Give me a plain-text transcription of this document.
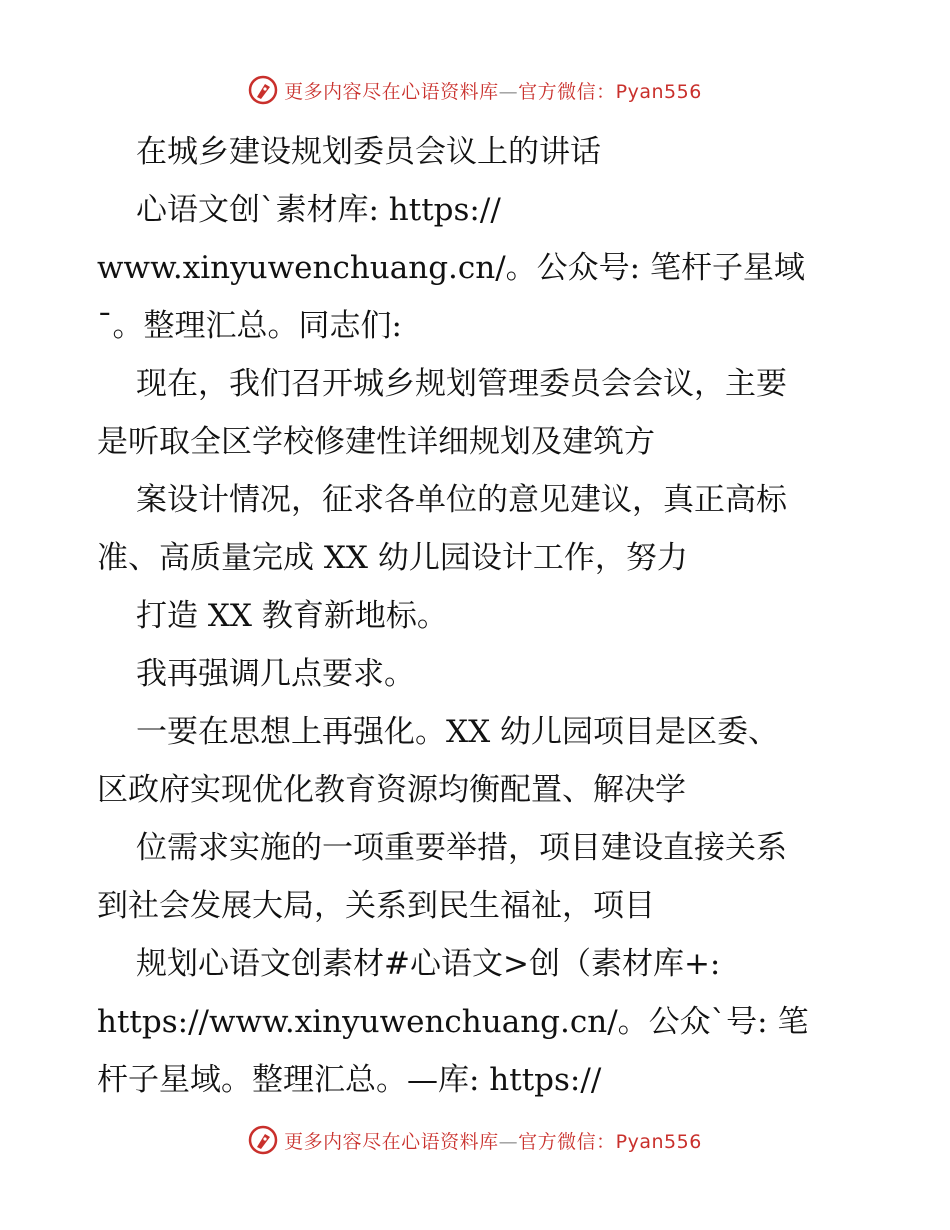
更多内容尽在心语资料库—官方微信：Pyan556
在城乡建设规划委员会议上的讲话
心语文创`素材库: https://
www.xinyuwenchuang.cn/。公众号: 笔杆子星域
¯。整理汇总。同志们:
现在，我们召开城乡规划管理委员会会议，主要
是听取全区学校修建性详细规划及建筑方
案设计情况，征求各单位的意见建议，真正高标
准、高质量完成 XX 幼儿园设计工作，努力
打造 XX 教育新地标。
我再强调几点要求。
一要在思想上再强化。XX 幼儿园项目是区委、
区政府实现优化教育资源均衡配置、解决学
位需求实施的一项重要举措，项目建设直接关系
到社会发展大局，关系到民生福祉，项目
规划心语文创素材#心语文>创（素材库+:
https://www.xinyuwenchuang.cn/。公众`号: 笔
杆子星域。整理汇总。—库: https://
更多内容尽在心语资料库—官方微信：Pyan556
